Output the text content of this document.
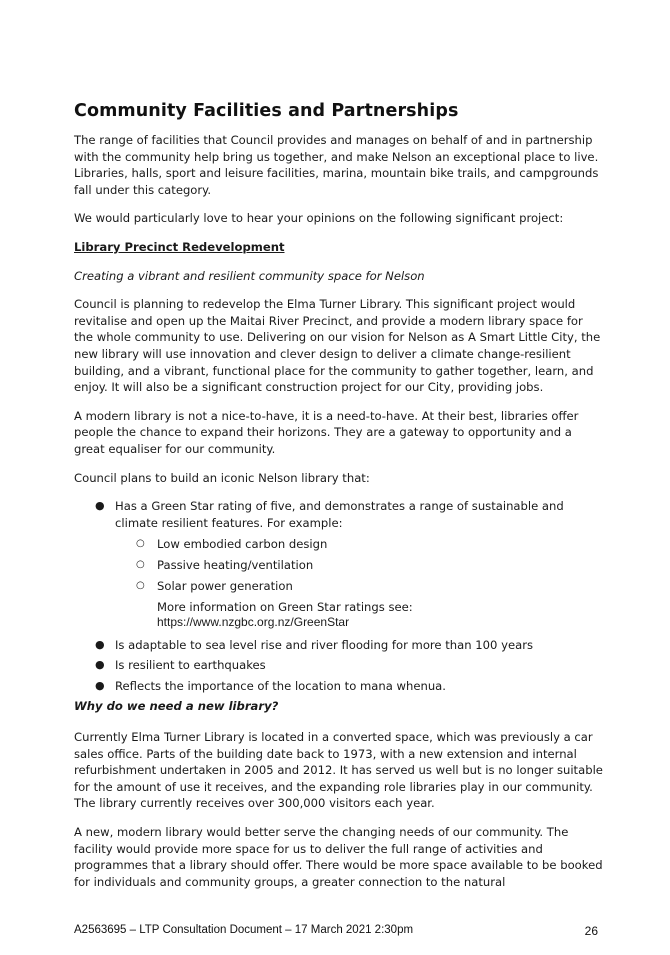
Community Facilities and Partnerships

The range of facilities that Council provides and manages on behalf of and in partnership with the community help bring us together, and make Nelson an exceptional place to live. Libraries, halls, sport and leisure facilities, marina, mountain bike trails, and campgrounds fall under this category.

We would particularly love to hear your opinions on the following significant project:

Library Precinct Redevelopment

Creating a vibrant and resilient community space for Nelson

Council is planning to redevelop the Elma Turner Library. This significant project would revitalise and open up the Maitai River Precinct, and provide a modern library space for the whole community to use. Delivering on our vision for Nelson as A Smart Little City, the new library will use innovation and clever design to deliver a climate change-resilient building, and a vibrant, functional place for the community to gather together, learn, and enjoy. It will also be a significant construction project for our City, providing jobs.

A modern library is not a nice-to-have, it is a need-to-have. At their best, libraries offer people the chance to expand their horizons. They are a gateway to opportunity and a great equaliser for our community.

Council plans to build an iconic Nelson library that:

● Has a Green Star rating of five, and demonstrates a range of sustainable and climate resilient features. For example:
○ Low embodied carbon design
○ Passive heating/ventilation
○ Solar power generation
More information on Green Star ratings see:
https://www.nzgbc.org.nz/GreenStar
● Is adaptable to sea level rise and river flooding for more than 100 years
● Is resilient to earthquakes
● Reflects the importance of the location to mana whenua.

Why do we need a new library?

Currently Elma Turner Library is located in a converted space, which was previously a car sales office. Parts of the building date back to 1973, with a new extension and internal refurbishment undertaken in 2005 and 2012. It has served us well but is no longer suitable for the amount of use it receives, and the expanding role libraries play in our community. The library currently receives over 300,000 visitors each year.

A new, modern library would better serve the changing needs of our community. The facility would provide more space for us to deliver the full range of activities and programmes that a library should offer. There would be more space available to be booked for individuals and community groups, a greater connection to the natural

A2563695 – LTP Consultation Document – 17 March 2021 2:30pm	26
